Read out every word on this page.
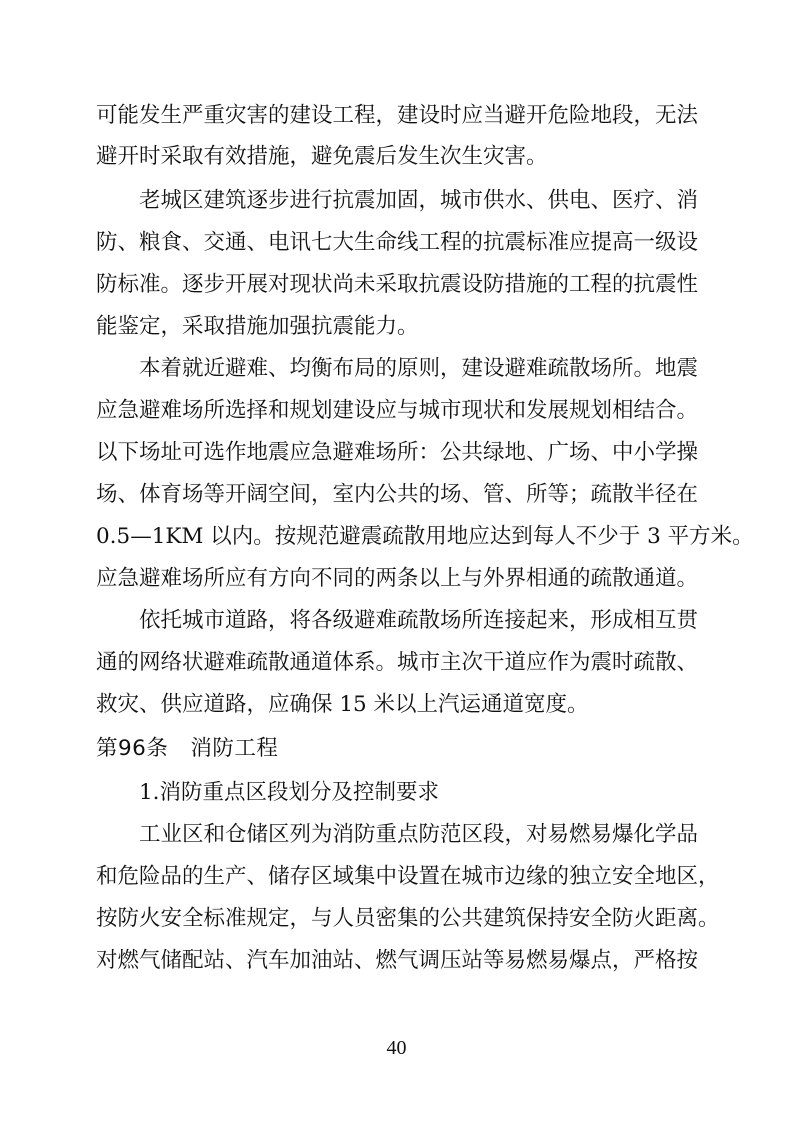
可能发生严重灾害的建设工程，建设时应当避开危险地段，无法
避开时采取有效措施，避免震后发生次生灾害。
老城区建筑逐步进行抗震加固，城市供水、供电、医疗、消
防、粮食、交通、电讯七大生命线工程的抗震标准应提高一级设
防标准。逐步开展对现状尚未采取抗震设防措施的工程的抗震性
能鉴定，采取措施加强抗震能力。
本着就近避难、均衡布局的原则，建设避难疏散场所。地震
应急避难场所选择和规划建设应与城市现状和发展规划相结合。
以下场址可选作地震应急避难场所：公共绿地、广场、中小学操
场、体育场等开阔空间，室内公共的场、管、所等；疏散半径在
0.5—1KM 以内。按规范避震疏散用地应达到每人不少于 3 平方米。
应急避难场所应有方向不同的两条以上与外界相通的疏散通道。
依托城市道路，将各级避难疏散场所连接起来，形成相互贯
通的网络状避难疏散通道体系。城市主次干道应作为震时疏散、
救灾、供应道路，应确保 15 米以上汽运通道宽度。
第96条　消防工程
1.消防重点区段划分及控制要求
工业区和仓储区列为消防重点防范区段，对易燃易爆化学品
和危险品的生产、储存区域集中设置在城市边缘的独立安全地区，
按防火安全标准规定，与人员密集的公共建筑保持安全防火距离。
对燃气储配站、汽车加油站、燃气调压站等易燃易爆点，严格按
40
